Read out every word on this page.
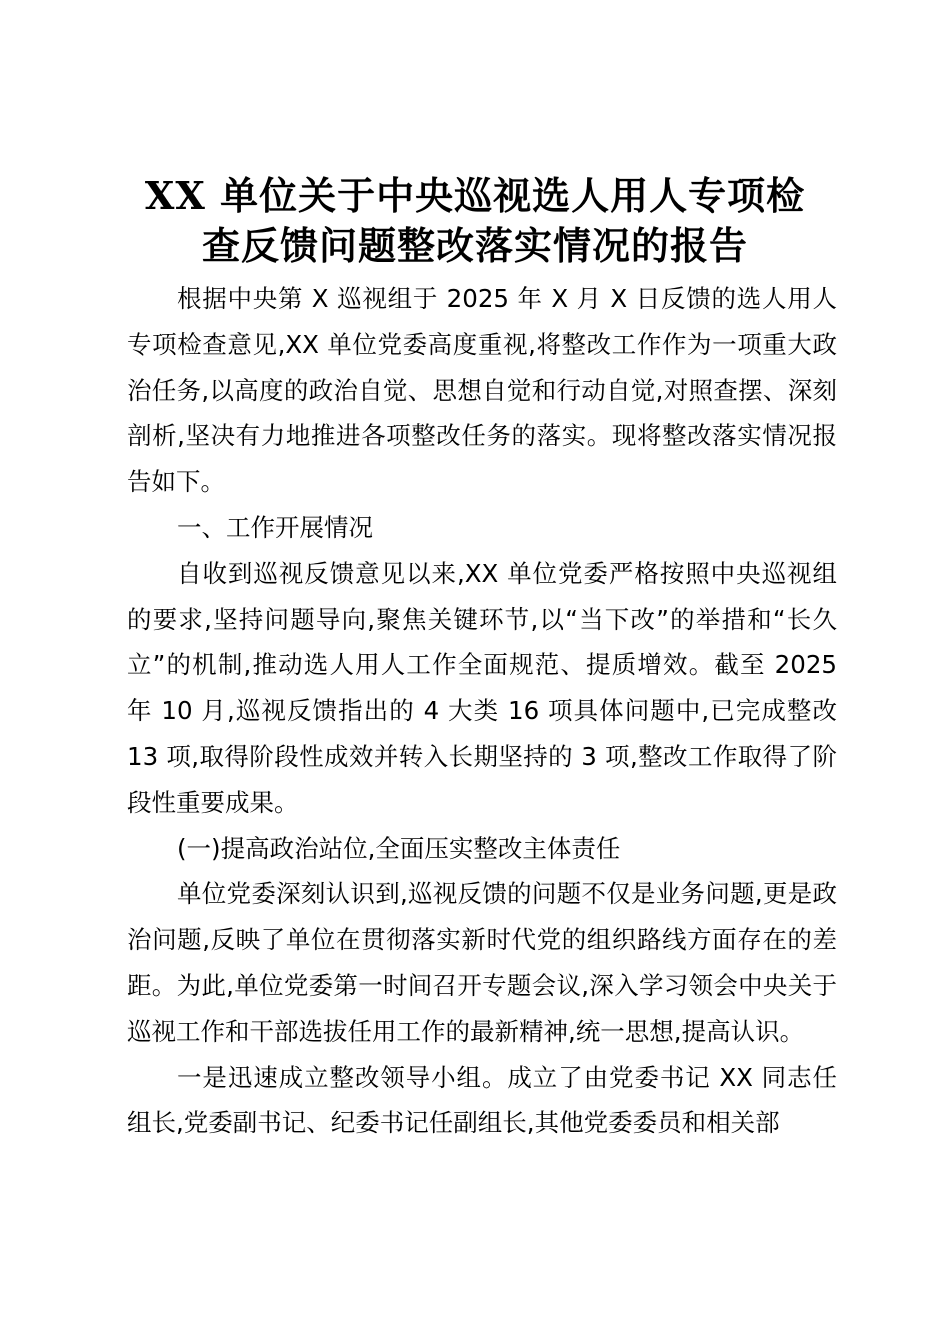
XX 单位关于中央巡视选人用人专项检
查反馈问题整改落实情况的报告

根据中央第 X 巡视组于 2025 年 X 月 X 日反馈的选人用人专项检查意见,XX 单位党委高度重视,将整改工作作为一项重大政治任务,以高度的政治自觉、思想自觉和行动自觉,对照查摆、深刻剖析,坚决有力地推进各项整改任务的落实。现将整改落实情况报告如下。

一、工作开展情况

自收到巡视反馈意见以来,XX 单位党委严格按照中央巡视组的要求,坚持问题导向,聚焦关键环节,以“当下改”的举措和“长久立”的机制,推动选人用人工作全面规范、提质增效。截至 2025 年 10 月,巡视反馈指出的 4 大类 16 项具体问题中,已完成整改 13 项,取得阶段性成效并转入长期坚持的 3 项,整改工作取得了阶段性重要成果。

(一)提高政治站位,全面压实整改主体责任

单位党委深刻认识到,巡视反馈的问题不仅是业务问题,更是政治问题,反映了单位在贯彻落实新时代党的组织路线方面存在的差距。为此,单位党委第一时间召开专题会议,深入学习领会中央关于巡视工作和干部选拔任用工作的最新精神,统一思想,提高认识。

一是迅速成立整改领导小组。成立了由党委书记 XX 同志任组长,党委副书记、纪委书记任副组长,其他党委委员和相关部
